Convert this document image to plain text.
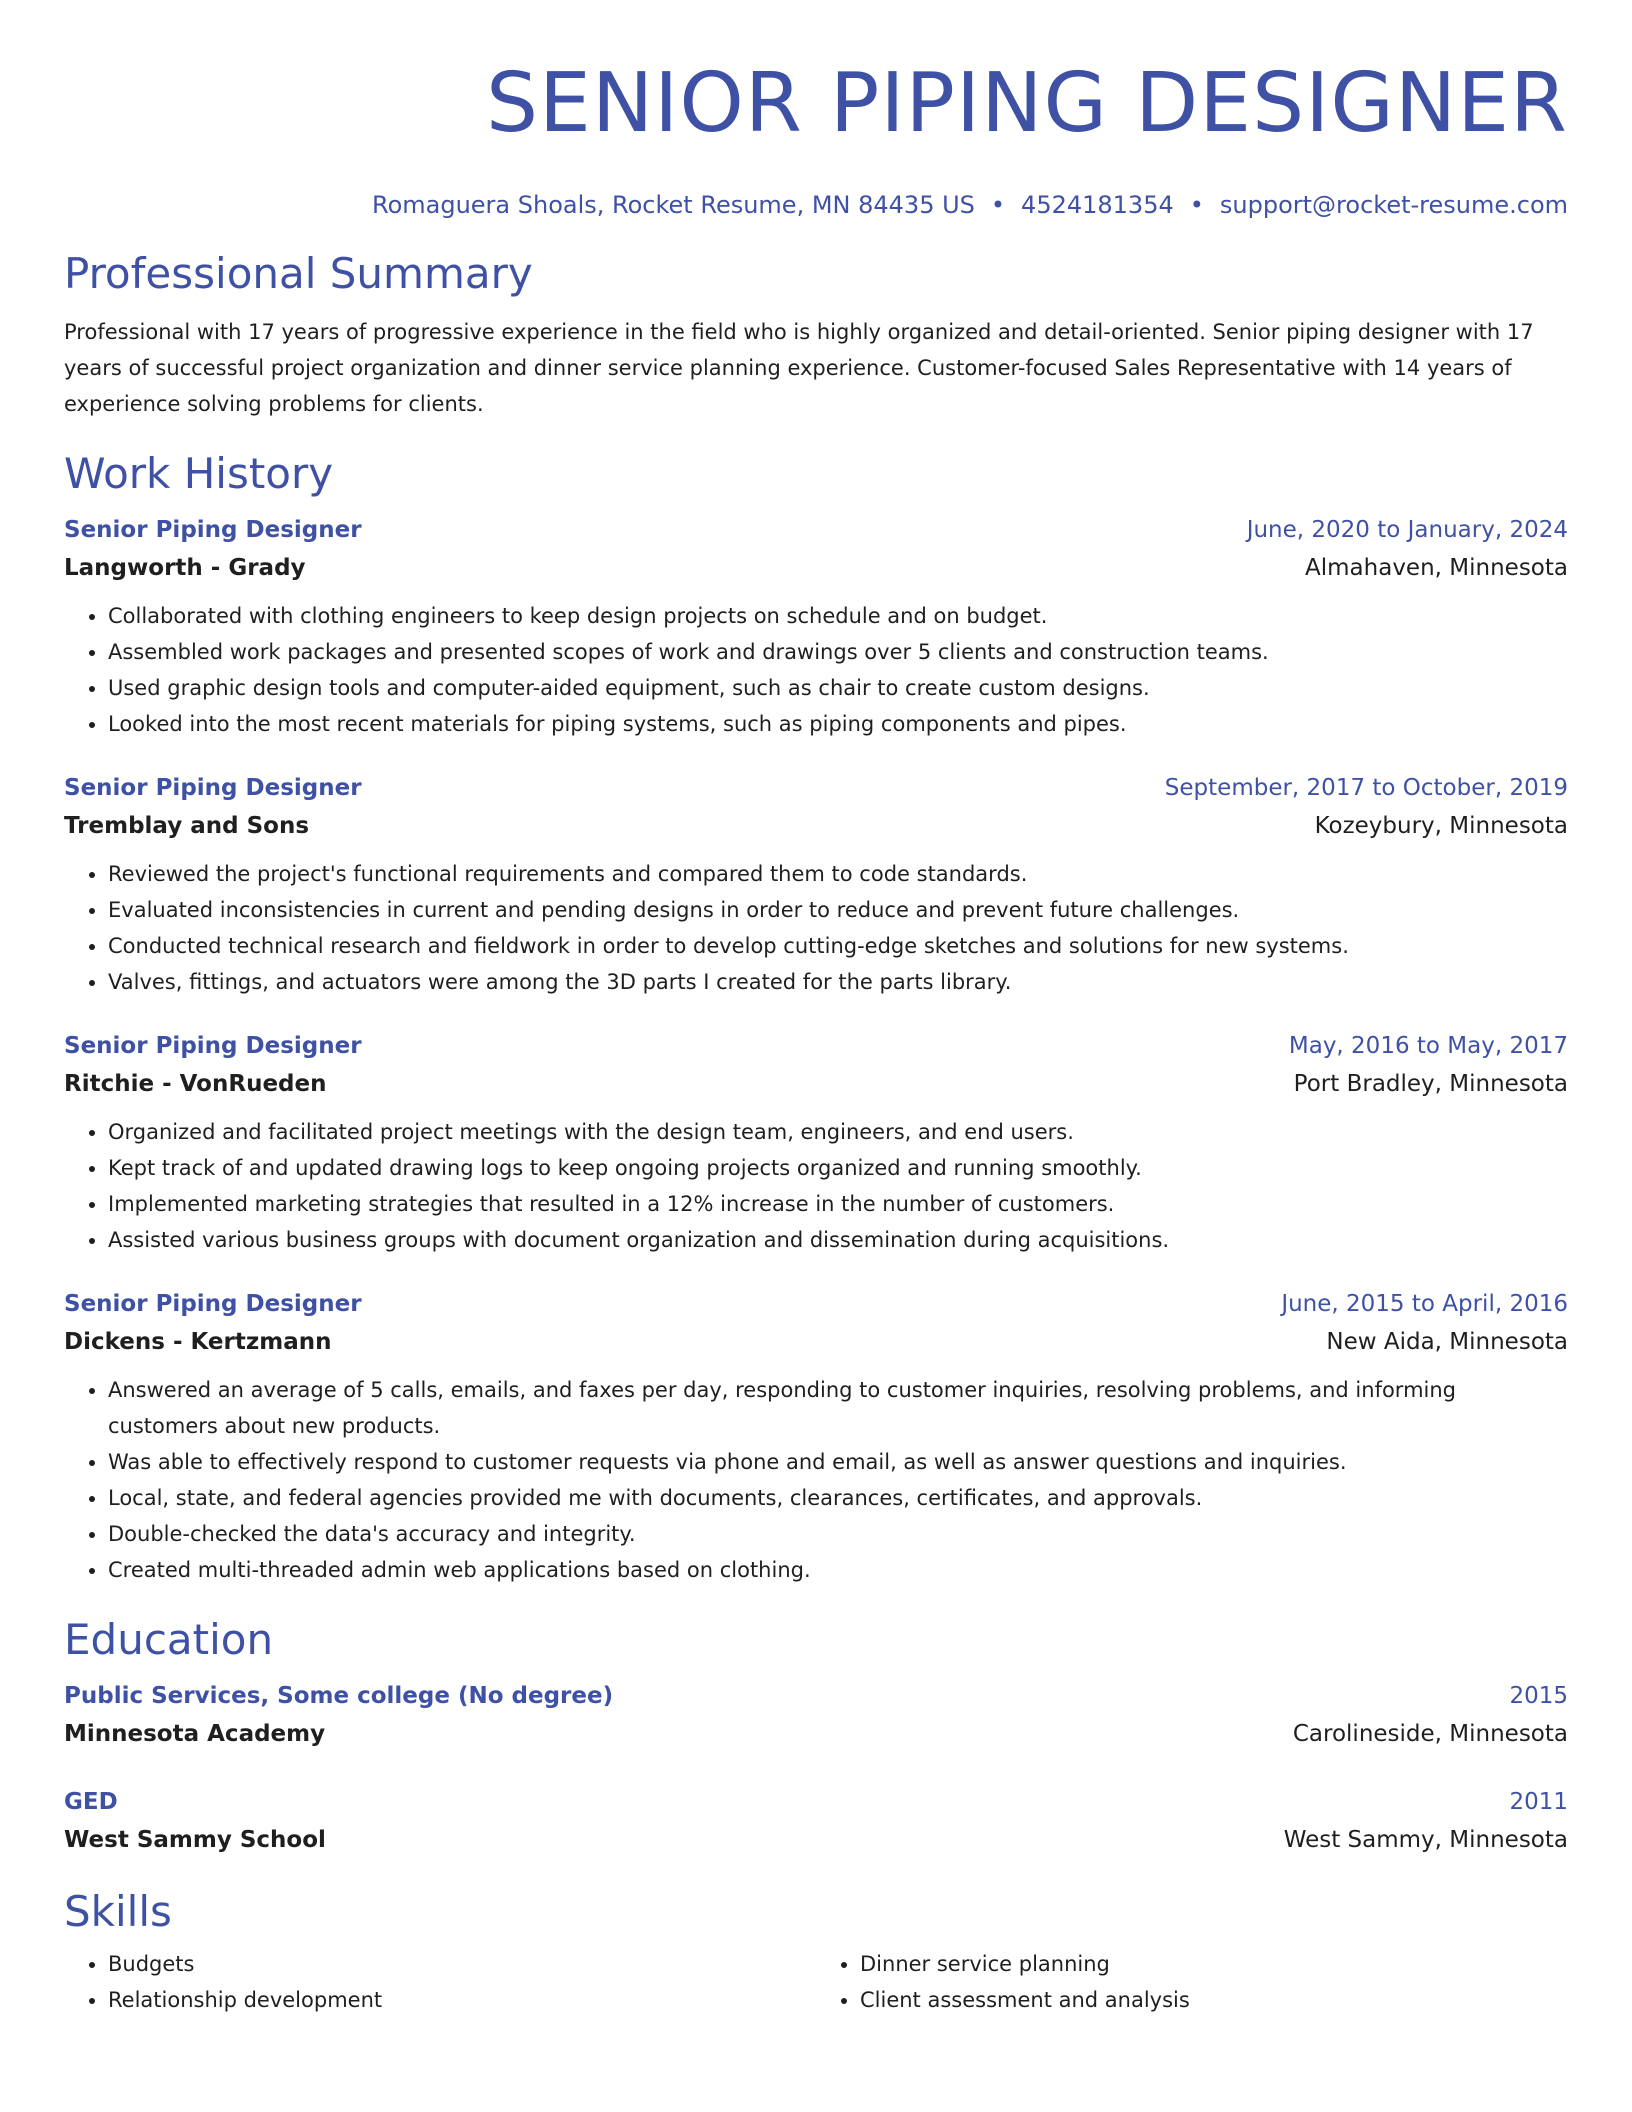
SENIOR PIPING DESIGNER
Romaguera Shoals, Rocket Resume, MN 84435 US • 4524181354 • support@rocket-resume.com
Professional Summary

Professional with 17 years of progressive experience in the field who is highly organized and detail-oriented. Senior piping designer with 17 years of successful project organization and dinner service planning experience. Customer-focused Sales Representative with 14 years of experience solving problems for clients.

Work History
Senior Piping Designer	June, 2020 to January, 2024
Langworth - Grady	Almahaven, Minnesota
• Collaborated with clothing engineers to keep design projects on schedule and on budget.
• Assembled work packages and presented scopes of work and drawings over 5 clients and construction teams.
• Used graphic design tools and computer-aided equipment, such as chair to create custom designs.
• Looked into the most recent materials for piping systems, such as piping components and pipes.
Senior Piping Designer	September, 2017 to October, 2019
Tremblay and Sons	Kozeybury, Minnesota
• Reviewed the project's functional requirements and compared them to code standards.
• Evaluated inconsistencies in current and pending designs in order to reduce and prevent future challenges.
• Conducted technical research and fieldwork in order to develop cutting-edge sketches and solutions for new systems.
• Valves, fittings, and actuators were among the 3D parts I created for the parts library.
Senior Piping Designer	May, 2016 to May, 2017
Ritchie - VonRueden	Port Bradley, Minnesota
• Organized and facilitated project meetings with the design team, engineers, and end users.
• Kept track of and updated drawing logs to keep ongoing projects organized and running smoothly.
• Implemented marketing strategies that resulted in a 12% increase in the number of customers.
• Assisted various business groups with document organization and dissemination during acquisitions.
Senior Piping Designer	June, 2015 to April, 2016
Dickens - Kertzmann	New Aida, Minnesota
• Answered an average of 5 calls, emails, and faxes per day, responding to customer inquiries, resolving problems, and informing customers about new products.
• Was able to effectively respond to customer requests via phone and email, as well as answer questions and inquiries.
• Local, state, and federal agencies provided me with documents, clearances, certificates, and approvals.
• Double-checked the data's accuracy and integrity.
• Created multi-threaded admin web applications based on clothing.
Education
Public Services, Some college (No degree)	2015
Minnesota Academy	Carolineside, Minnesota
GED	2011
West Sammy School	West Sammy, Minnesota
Skills
• Budgets
• Relationship development
• Dinner service planning
• Client assessment and analysis
